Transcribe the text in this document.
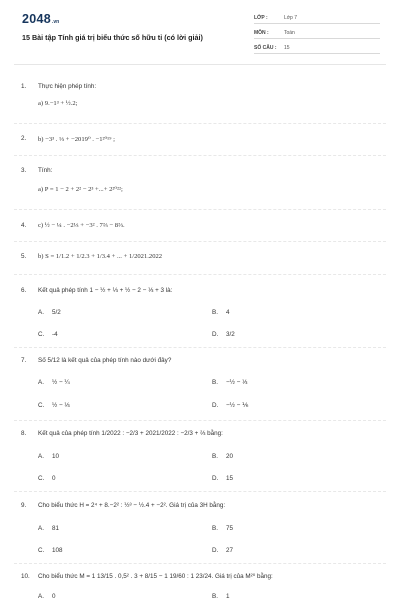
2048 .vn
15 Bài tập Tính giá trị biểu thức số hữu tỉ (có lời giải)
LỚP :	Lớp 7
MÔN :	Toán
SỐ CÂU :	15
1.	Thực hiện phép tính:
a) 9.−1³ + ½.2;
2.	b) −3³ . ⅓ + −2019⁰ . −1²⁰¹⁹ ;
3.	Tính:
a) P = 1 − 2 + 2² − 2³ +...+ 2²⁰²²;
4.	c) ½ − ¼ . −2⅓ + −3² . 7⅔ − 8⅔.
5.	b) S = 1/1.2 + 1/2.3 + 1/3.4 + ... + 1/2021.2022
6.	Kết quả phép tính 1 − ½ + ⅓ + ½ − 2 − ⅓ + 3 là:
A.	5/2	B.	4
C.	-4	D.	3/2
7.	Số 5/12 là kết quả của phép tính nào dưới đây?
A.	½ − ¼	B.	−½ − ⅓
C.	½ − ⅓	D.	−½ − ⅙
8.	Kết quả của phép tính 1/2022 : −2/3 + 2021/2022 : −2/3 + ⅔ bằng:
A.	10	B.	20
C.	0	D.	15
9.	Cho biểu thức H = 2⁴ + 8.−2² : ½³ − ½.4 + −2². Giá trị của 3H bằng:
A.	81	B.	75
C.	108	D.	27
10.	Cho biểu thức M = 1 13/15 . 0,5² . 3 + 8/15 − 1 19/60 : 1 23/24. Giá trị của M²⁰ bằng:
A.	0	B.	1
